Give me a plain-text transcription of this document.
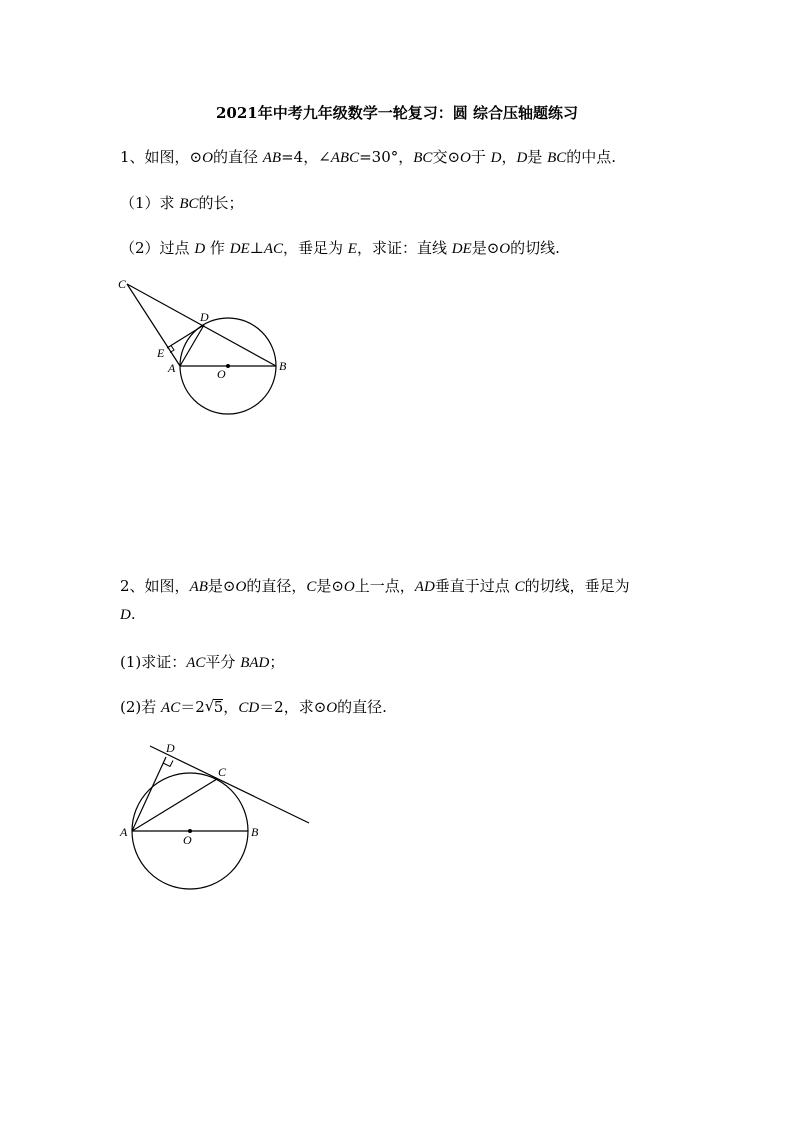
2021年中考九年级数学一轮复习：圆 综合压轴题练习
1、如图，⊙O的直径 AB=4，∠ABC=30°，BC交⊙O于 D，D是 BC的中点.
（1）求 BC的长；
（2）过点 D 作 DE⊥AC，垂足为 E，求证：直线 DE是⊙O的切线.
C
D
E
A	O
B
2、如图，AB是⊙O的直径，C是⊙O上一点，AD垂直于过点 C的切线，垂足为
D.
(1)求证：AC平分 BAD；
(2)若 AC＝2 √ 5，CD＝2，求⊙O的直径.
D
C
A
O
B
